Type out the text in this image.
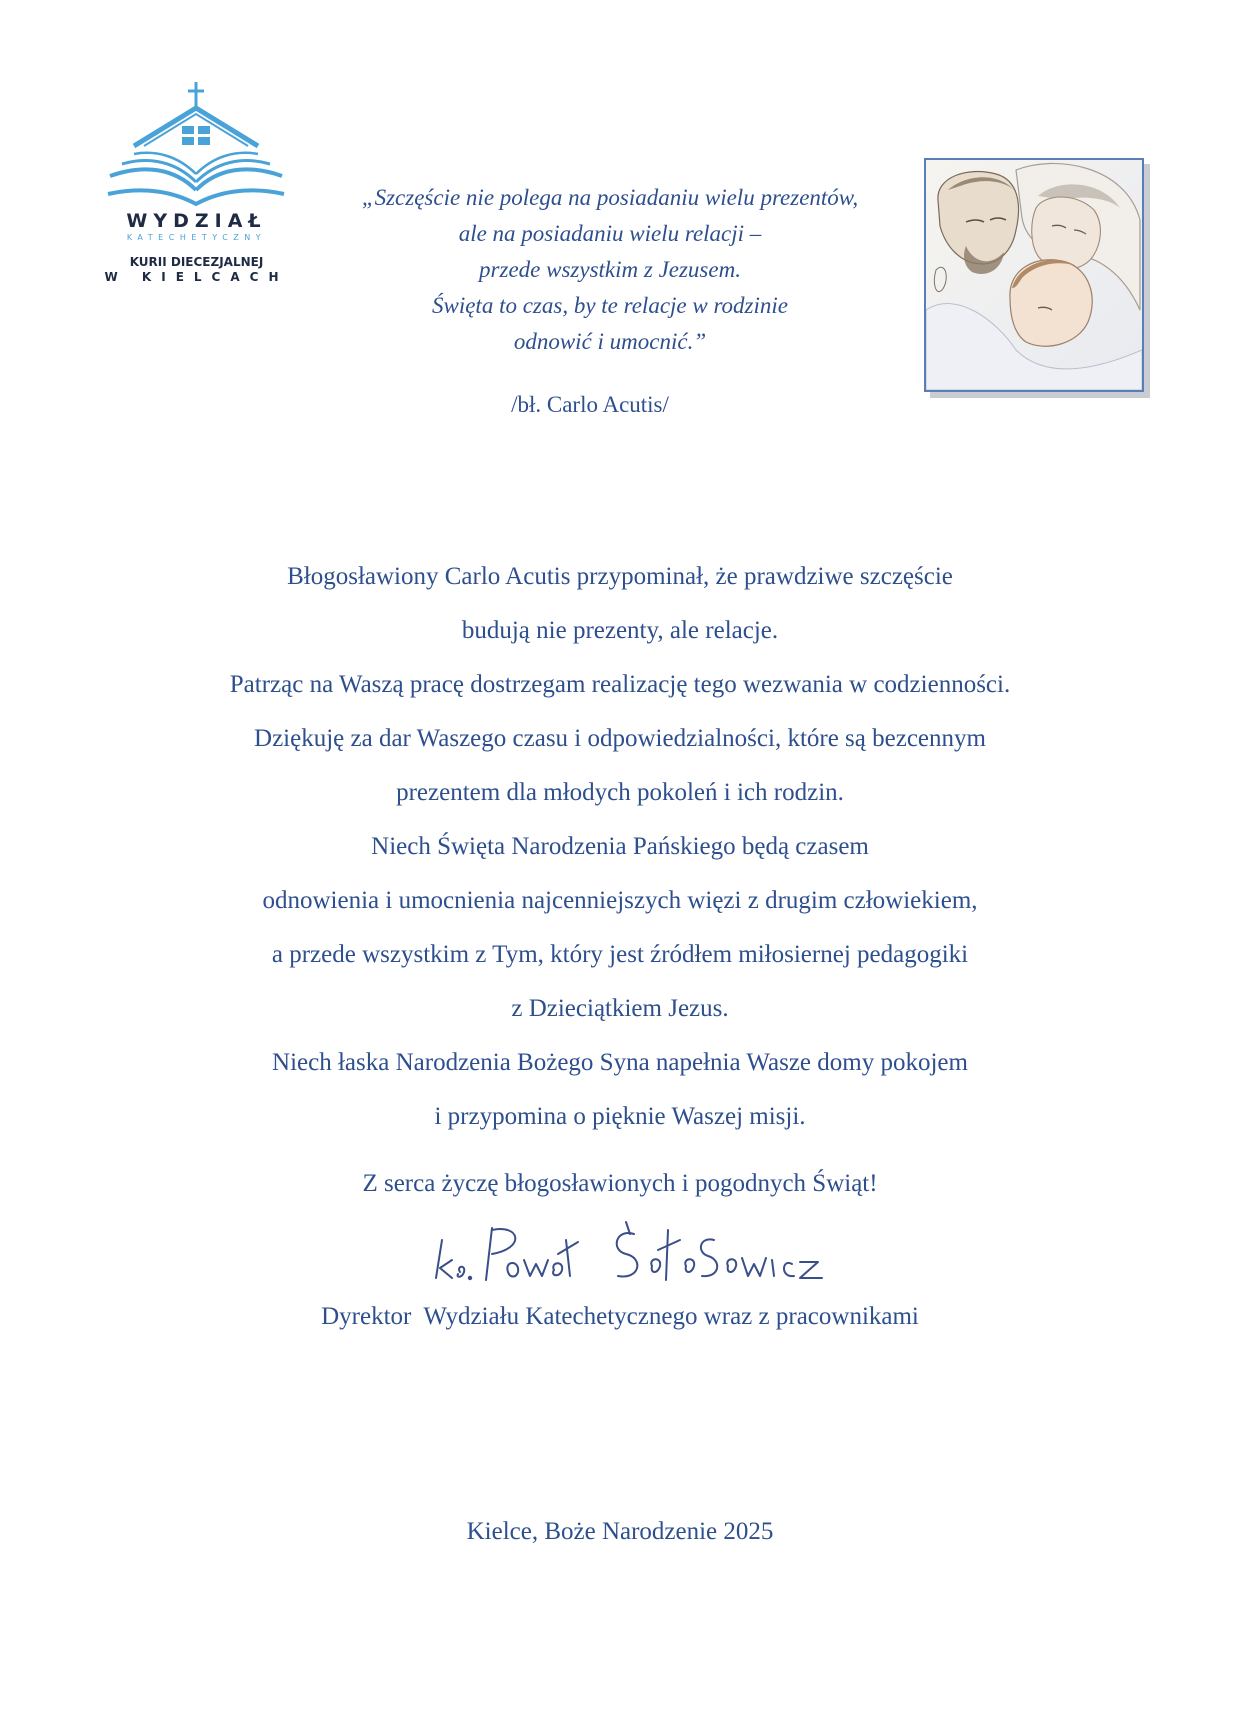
WYDZIAŁ
KATECHETYCZNY
KURII DIECEZJALNEJ
W KIELCACH
„Szczęście nie polega na posiadaniu wielu prezentów,
ale na posiadaniu wielu relacji –
przede wszystkim z Jezusem.
Święta to czas, by te relacje w rodzinie
odnowić i umocnić.”
/bł. Carlo Acutis/
Błogosławiony Carlo Acutis przypominał, że prawdziwe szczęście
budują nie prezenty, ale relacje.
Patrząc na Waszą pracę dostrzegam realizację tego wezwania w codzienności.
Dziękuję za dar Waszego czasu i odpowiedzialności, które są bezcennym
prezentem dla młodych pokoleń i ich rodzin.
Niech Święta Narodzenia Pańskiego będą czasem
odnowienia i umocnienia najcenniejszych więzi z drugim człowiekiem,
a przede wszystkim z Tym, który jest źródłem miłosiernej pedagogiki
z Dzieciątkiem Jezus.
Niech łaska Narodzenia Bożego Syna napełnia Wasze domy pokojem
i przypomina o pięknie Waszej misji.
Z serca życzę błogosławionych i pogodnych Świąt!
Dyrektor  Wydziału Katechetycznego wraz z pracownikami
Kielce, Boże Narodzenie 2025
